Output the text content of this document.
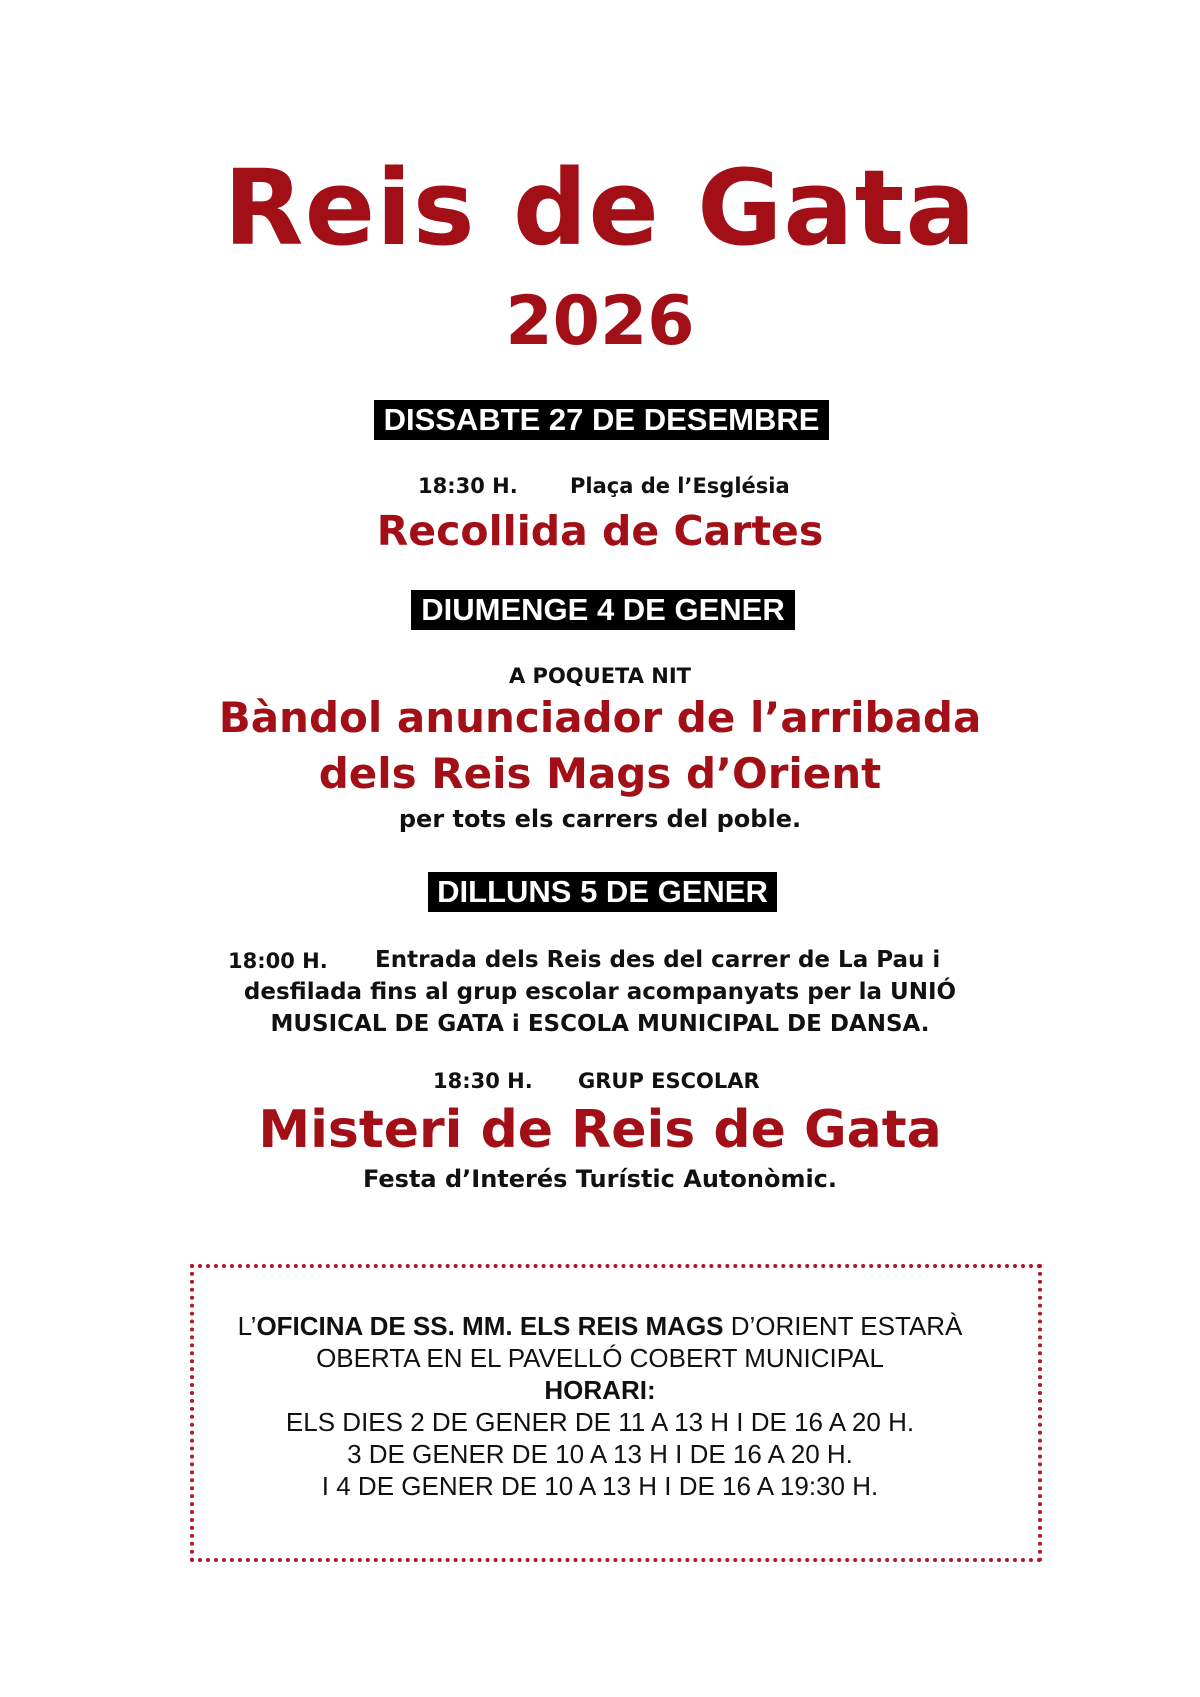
Reis de Gata
2026
DISSABTE 27 DE DESEMBRE
18:30 H. Plaça de l’Església
Recollida de Cartes
DIUMENGE 4 DE GENER
A POQUETA NIT
Bàndol anunciador de l’arribada
dels Reis Mags d’Orient
per tots els carrers del poble.
DILLUNS 5 DE GENER
18:00 H. Entrada dels Reis des del carrer de La Pau i
desfilada fins al grup escolar acompanyats per la UNIÓ
MUSICAL DE GATA i ESCOLA MUNICIPAL DE DANSA.
18:30 H. GRUP ESCOLAR
Misteri de Reis de Gata
Festa d’Interés Turístic Autonòmic.
L’OFICINA DE SS. MM. ELS REIS MAGS D’ORIENT ESTARÀ
OBERTA EN EL PAVELLÓ COBERT MUNICIPAL
HORARI:
ELS DIES 2 DE GENER DE 11 A 13 H I DE 16 A 20 H.
3 DE GENER DE 10 A 13 H I DE 16 A 20 H.
I 4 DE GENER DE 10 A 13 H I DE 16 A 19:30 H.
